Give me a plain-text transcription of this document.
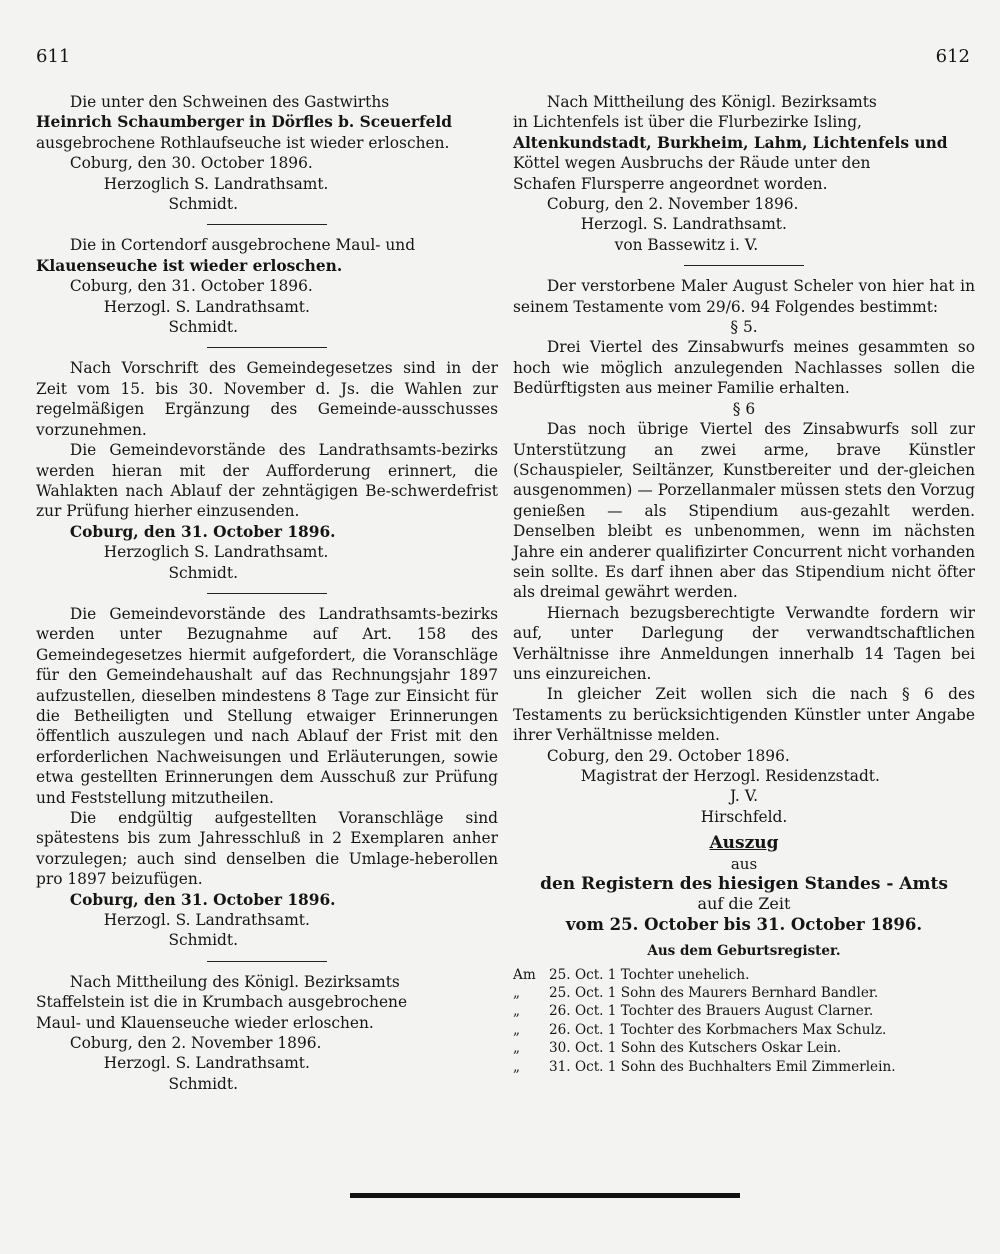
611	612

Die unter den Schweinen des Gastwirths

Heinrich Schaumberger in Dörfles b. Sceuerfeld

ausgebrochene Rothlaufseuche ist wieder erloschen.

Coburg, den 30. October 1896.

Herzoglich S. Landrathsamt.

Schmidt.

Die in Cortendorf ausgebrochene Maul- und

Klauenseuche ist wieder erloschen.

Coburg, den 31. October 1896.

Herzogl. S. Landrathsamt.

Schmidt.

Nach Vorschrift des Gemeindegesetzes sind in der Zeit vom 15. bis 30. November d. Js. die Wahlen zur regelmäßigen Ergänzung des Gemeinde-ausschusses vorzunehmen.

Die Gemeindevorstände des Landrathsamts-bezirks werden hieran mit der Aufforderung erinnert, die Wahlakten nach Ablauf der zehntägigen Be-schwerdefrist zur Prüfung hierher einzusenden.

Coburg, den 31. October 1896.

Herzoglich S. Landrathsamt.

Schmidt.

Die Gemeindevorstände des Landrathsamts-bezirks werden unter Bezugnahme auf Art. 158 des Gemeindegesetzes hiermit aufgefordert, die Voranschläge für den Gemeindehaushalt auf das Rechnungsjahr 1897 aufzustellen, dieselben mindestens 8 Tage zur Einsicht für die Betheiligten und Stellung etwaiger Erinnerungen öffentlich auszulegen und nach Ablauf der Frist mit den erforderlichen Nachweisungen und Erläuterungen, sowie etwa gestellten Erinnerungen dem Ausschuß zur Prüfung und Feststellung mitzutheilen.

Die endgültig aufgestellten Voranschläge sind spätestens bis zum Jahresschluß in 2 Exemplaren anher vorzulegen; auch sind denselben die Umlage-heberollen pro 1897 beizufügen.

Coburg, den 31. October 1896.

Herzogl. S. Landrathsamt.

Schmidt.

Nach Mittheilung des Königl. Bezirksamts

Staffelstein ist die in Krumbach ausgebrochene

Maul- und Klauenseuche wieder erloschen.

Coburg, den 2. November 1896.

Herzogl. S. Landrathsamt.

Schmidt.

Nach Mittheilung des Königl. Bezirksamts

in Lichtenfels ist über die Flurbezirke Isling,

Altenkundstadt, Burkheim, Lahm, Lichtenfels und

Köttel wegen Ausbruchs der Räude unter den

Schafen Flursperre angeordnet worden.

Coburg, den 2. November 1896.

Herzogl. S. Landrathsamt.

von Bassewitz i. V.

Der verstorbene Maler August Scheler von hier hat in seinem Testamente vom 29/6. 94 Folgendes bestimmt:

§ 5.

Drei Viertel des Zinsabwurfs meines gesammten so hoch wie möglich anzulegenden Nachlasses sollen die Bedürftigsten aus meiner Familie erhalten.

§ 6

Das noch übrige Viertel des Zinsabwurfs soll zur Unterstützung an zwei arme, brave Künstler (Schauspieler, Seiltänzer, Kunstbereiter und der-gleichen ausgenommen) — Porzellanmaler müssen stets den Vorzug genießen — als Stipendium aus-gezahlt werden. Denselben bleibt es unbenommen, wenn im nächsten Jahre ein anderer qualifizirter Concurrent nicht vorhanden sein sollte. Es darf ihnen aber das Stipendium nicht öfter als dreimal gewährt werden.

Hiernach bezugsberechtigte Verwandte fordern wir auf, unter Darlegung der verwandtschaftlichen Verhältnisse ihre Anmeldungen innerhalb 14 Tagen bei uns einzureichen.

In gleicher Zeit wollen sich die nach § 6 des Testaments zu berücksichtigenden Künstler unter Angabe ihrer Verhältnisse melden.

Coburg, den 29. October 1896.

Magistrat der Herzogl. Residenzstadt.

J. V.

Hirschfeld.

Auszug
aus
den Registern des hiesigen Standes - Amts
auf die Zeit
vom 25. October bis 31. October 1896.
Aus dem Geburtsregister.
Am 25. Oct. 1 Tochter unehelich.
„ 25. Oct. 1 Sohn des Maurers Bernhard Bandler.
„ 26. Oct. 1 Tochter des Brauers August Clarner.
„ 26. Oct. 1 Tochter des Korbmachers Max Schulz.
„ 30. Oct. 1 Sohn des Kutschers Oskar Lein.
„ 31. Oct. 1 Sohn des Buchhalters Emil Zimmerlein.
